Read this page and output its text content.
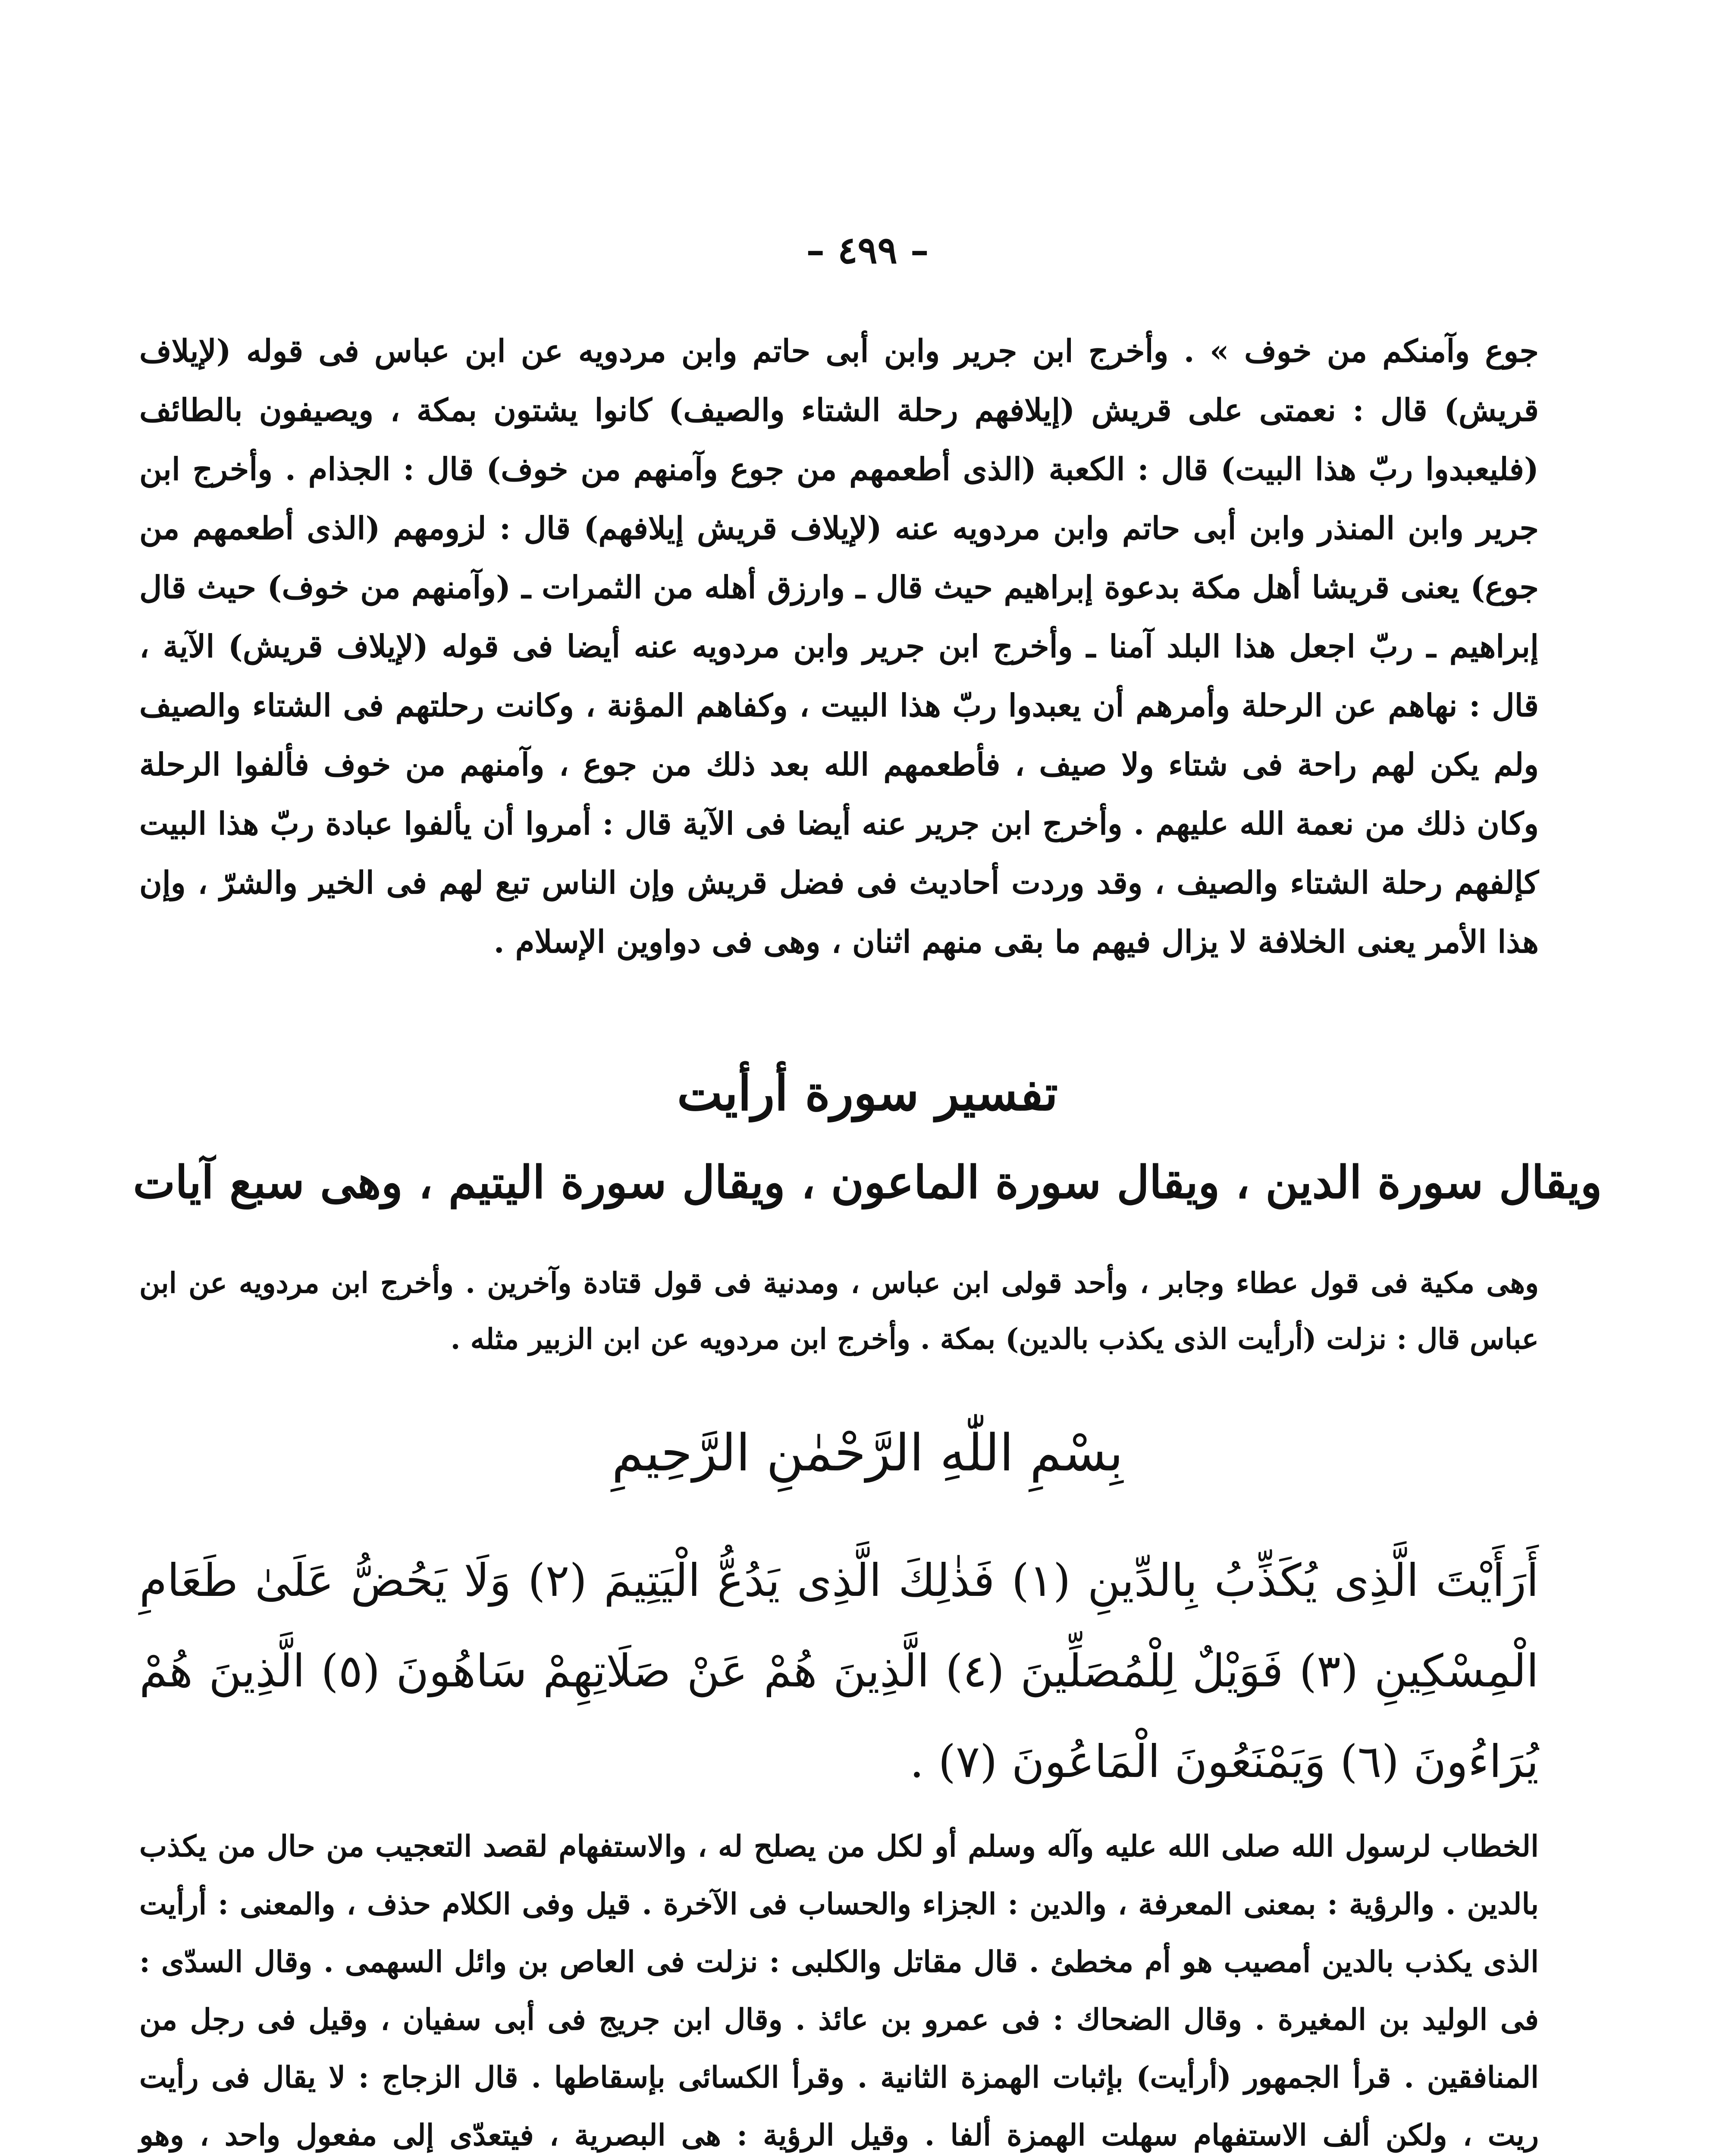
– ٤٩٩ –
جوع وآمنكم من خوف » . وأخرج ابن جرير وابن أبى حاتم وابن مردويه عن ابن عباس فى قوله (لإيلاف قريش) قال : نعمتى على قريش (إيلافهم رحلة الشتاء والصيف) كانوا يشتون بمكة ، ويصيفون بالطائف (فليعبدوا ربّ هذا البيت) قال : الكعبة (الذى أطعمهم من جوع وآمنهم من خوف) قال : الجذام . وأخرج ابن جرير وابن المنذر وابن أبى حاتم وابن مردويه عنه (لإيلاف قريش إيلافهم) قال : لزومهم (الذى أطعمهم من جوع) يعنى قريشا أهل مكة بدعوة إبراهيم حيث قال ـ وارزق أهله من الثمرات ـ (وآمنهم من خوف) حيث قال إبراهيم ـ ربّ اجعل هذا البلد آمنا ـ وأخرج ابن جرير وابن مردويه عنه أيضا فى قوله (لإيلاف قريش) الآية ، قال : نهاهم عن الرحلة وأمرهم أن يعبدوا ربّ هذا البيت ، وكفاهم المؤنة ، وكانت رحلتهم فى الشتاء والصيف ولم يكن لهم راحة فى شتاء ولا صيف ، فأطعمهم الله بعد ذلك من جوع ، وآمنهم من خوف فألفوا الرحلة وكان ذلك من نعمة الله عليهم . وأخرج ابن جرير عنه أيضا فى الآية قال : أمروا أن يألفوا عبادة ربّ هذا البيت كإلفهم رحلة الشتاء والصيف ، وقد وردت أحاديث فى فضل قريش وإن الناس تبع لهم فى الخير والشرّ ، وإن هذا الأمر يعنى الخلافة لا يزال فيهم ما بقى منهم اثنان ، وهى فى دواوين الإسلام .
تفسير سورة أرأيت
ويقال سورة الدين ، ويقال سورة الماعون ، ويقال سورة اليتيم ، وهى سبع آيات
وهى مكية فى قول عطاء وجابر ، وأحد قولى ابن عباس ، ومدنية فى قول قتادة وآخرين . وأخرج ابن مردويه عن ابن عباس قال : نزلت (أرأيت الذى يكذب بالدين) بمكة . وأخرج ابن مردويه عن ابن الزبير مثله .
بِسْمِ اللّٰهِ الرَّحْمٰنِ الرَّحِيمِ
أَرَأَيْتَ الَّذِى يُكَذِّبُ بِالدِّينِ (١) فَذٰلِكَ الَّذِى يَدُعُّ الْيَتِيمَ (٢) وَلَا يَحُضُّ عَلَىٰ طَعَامِ الْمِسْكِينِ (٣) فَوَيْلٌ لِلْمُصَلِّينَ (٤) الَّذِينَ هُمْ عَنْ صَلَاتِهِمْ سَاهُونَ (٥) الَّذِينَ هُمْ يُرَاءُونَ (٦) وَيَمْنَعُونَ الْمَاعُونَ (٧) .
الخطاب لرسول الله صلى الله عليه وآله وسلم أو لكل من يصلح له ، والاستفهام لقصد التعجيب من حال من يكذب بالدين . والرؤية : بمعنى المعرفة ، والدين : الجزاء والحساب فى الآخرة . قيل وفى الكلام حذف ، والمعنى : أرأيت الذى يكذب بالدين أمصيب هو أم مخطئ . قال مقاتل والكلبى : نزلت فى العاص بن وائل السهمى . وقال السدّى : فى الوليد بن المغيرة . وقال الضحاك : فى عمرو بن عائذ . وقال ابن جريج فى أبى سفيان ، وقيل فى رجل من المنافقين . قرأ الجمهور (أرأيت) بإثبات الهمزة الثانية . وقرأ الكسائى بإسقاطها . قال الزجاج : لا يقال فى رأيت ريت ، ولكن ألف الاستفهام سهلت الهمزة ألفا . وقيل الرؤية : هى البصرية ، فيتعدّى إلى مفعول واحد ، وهو
